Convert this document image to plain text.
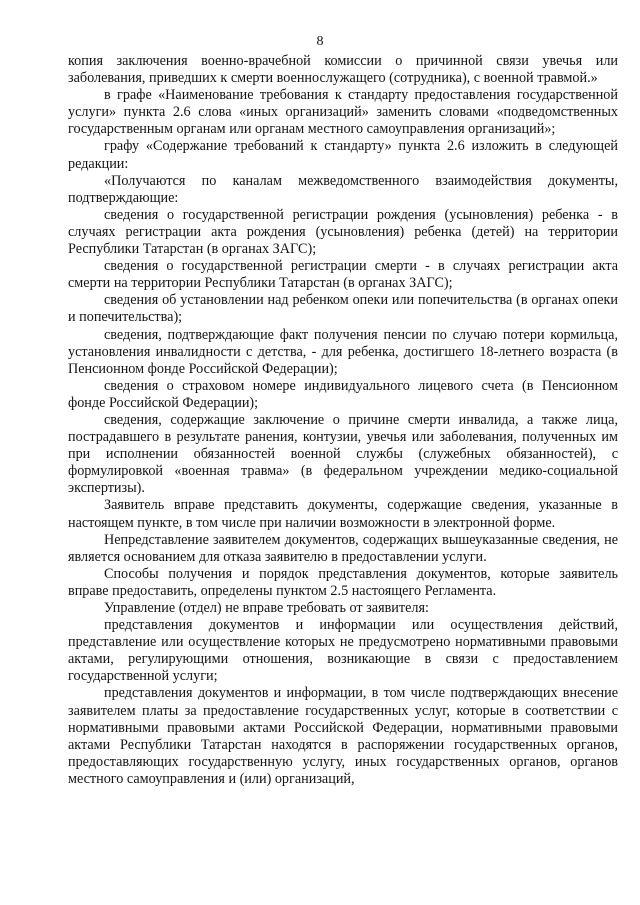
8

копия заключения военно-врачебной комиссии о причинной связи увечья или заболевания, приведших к смерти военнослужащего (сотрудника), с военной травмой.»

в графе «Наименование требования к стандарту предоставления государственной услуги» пункта 2.6 слова «иных организаций» заменить словами «подведомственных государственным органам или органам местного самоуправления организаций»;

графу «Содержание требований к стандарту» пункта 2.6 изложить в следующей редакции:

«Получаются по каналам межведомственного взаимодействия документы, подтверждающие:

сведения о государственной регистрации рождения (усыновления) ребенка - в случаях регистрации акта рождения (усыновления) ребенка (детей) на территории Республики Татарстан (в органах ЗАГС);

сведения о государственной регистрации смерти - в случаях регистрации акта смерти на территории Республики Татарстан (в органах ЗАГС);

сведения об установлении над ребенком опеки или попечительства (в органах опеки и попечительства);

сведения, подтверждающие факт получения пенсии по случаю потери кормильца, установления инвалидности с детства, - для ребенка, достигшего 18-летнего возраста (в Пенсионном фонде Российской Федерации);

сведения о страховом номере индивидуального лицевого счета (в Пенсионном фонде Российской Федерации);

сведения, содержащие заключение о причине смерти инвалида, а также лица, пострадавшего в результате ранения, контузии, увечья или заболевания, полученных им при исполнении обязанностей военной службы (служебных обязанностей), с формулировкой «военная травма» (в федеральном учреждении медико-социальной экспертизы).

Заявитель вправе представить документы, содержащие сведения, указанные в настоящем пункте, в том числе при наличии возможности в электронной форме.

Непредставление заявителем документов, содержащих вышеуказанные сведения, не является основанием для отказа заявителю в предоставлении услуги.

Способы получения и порядок представления документов, которые заявитель вправе предоставить, определены пунктом 2.5 настоящего Регламента.

Управление (отдел) не вправе требовать от заявителя:

представления документов и информации или осуществления действий, представление или осуществление которых не предусмотрено нормативными правовыми актами, регулирующими отношения, возникающие в связи с предоставлением государственной услуги;

представления документов и информации, в том числе подтверждающих внесение заявителем платы за предоставление государственных услуг, которые в соответствии с нормативными правовыми актами Российской Федерации, нормативными правовыми актами Республики Татарстан находятся в распоряжении государственных органов, предоставляющих государственную услугу, иных государственных органов, органов местного самоуправления и (или) организаций,
